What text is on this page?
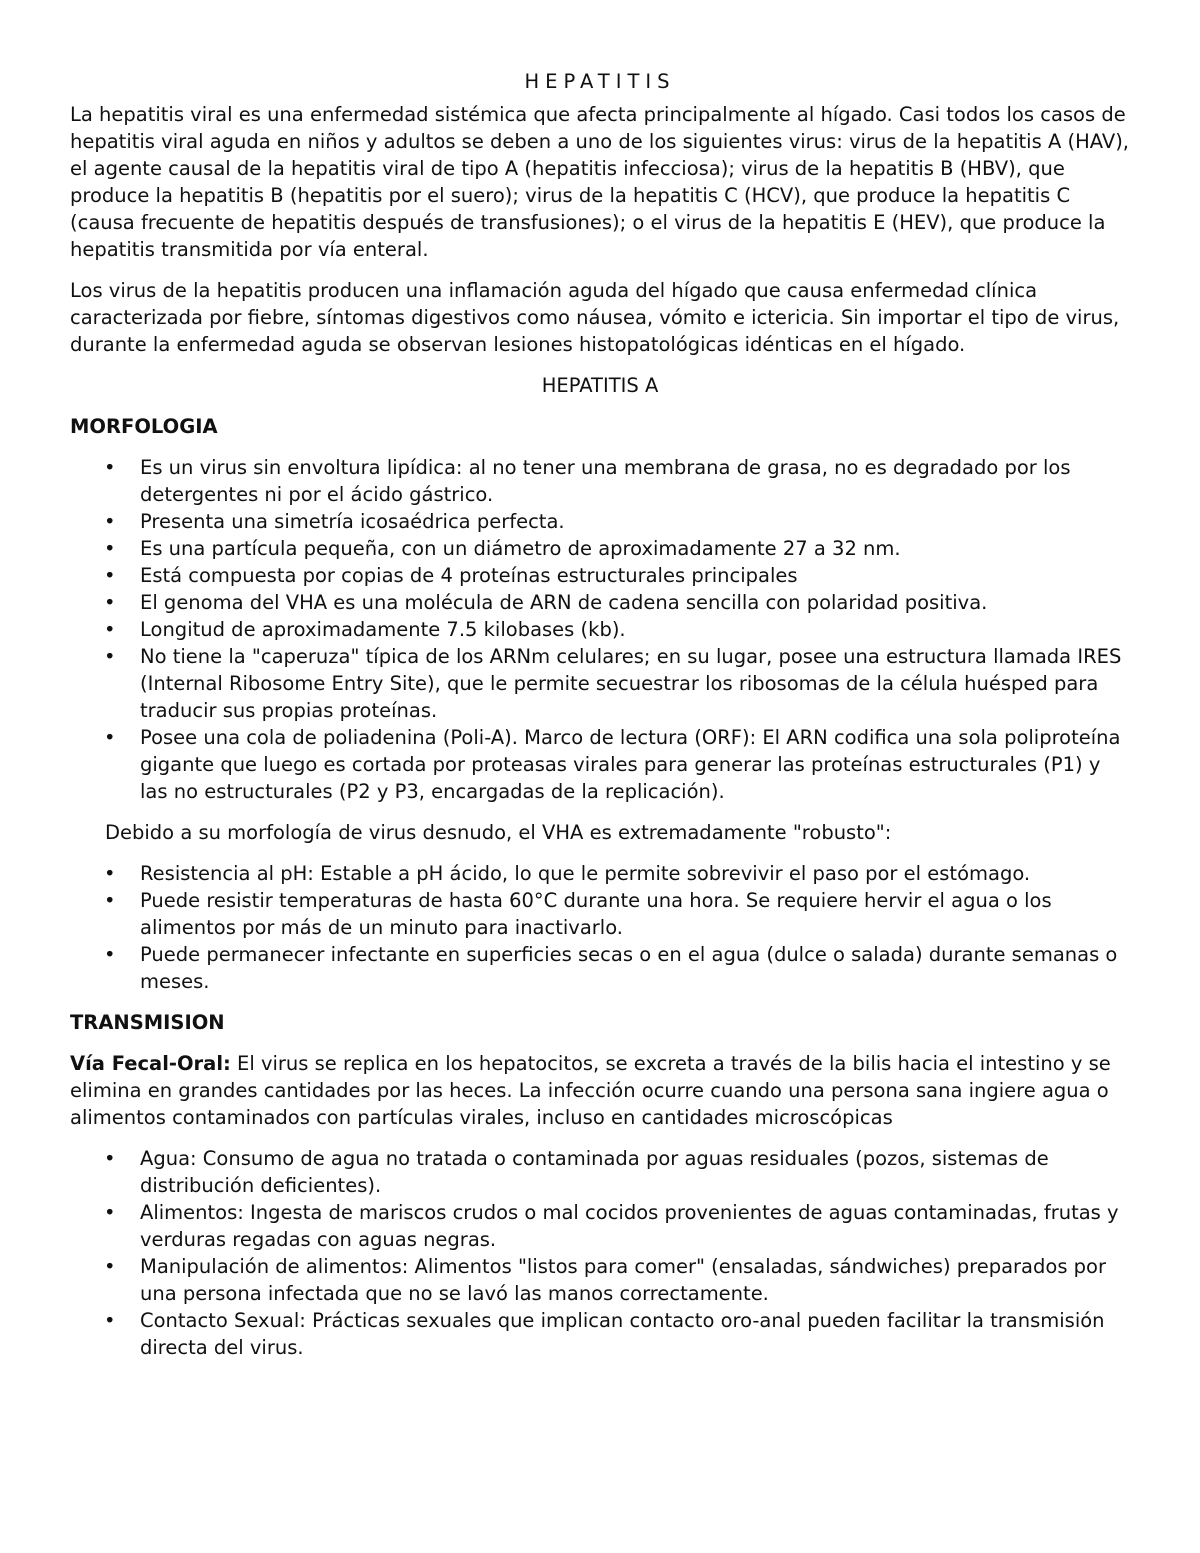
HEPATITIS

La hepatitis viral es una enfermedad sistémica que afecta principalmente al hígado. Casi todos los casos de hepatitis viral aguda en niños y adultos se deben a uno de los siguientes virus: virus de la hepatitis A (HAV), el agente causal de la hepatitis viral de tipo A (hepatitis infecciosa); virus de la hepatitis B (HBV), que produce la hepatitis B (hepatitis por el suero); virus de la hepatitis C (HCV), que produce la hepatitis C (causa frecuente de hepatitis después de transfusiones); o el virus de la hepatitis E (HEV), que produce la hepatitis transmitida por vía enteral.

Los virus de la hepatitis producen una inflamación aguda del hígado que causa enfermedad clínica caracterizada por fiebre, síntomas digestivos como náusea, vómito e ictericia. Sin importar el tipo de virus, durante la enfermedad aguda se observan lesiones histopatológicas idénticas en el hígado.

HEPATITIS A
MORFOLOGIA
• Es un virus sin envoltura lipídica: al no tener una membrana de grasa, no es degradado por los detergentes ni por el ácido gástrico.
• Presenta una simetría icosaédrica perfecta.
• Es una partícula pequeña, con un diámetro de aproximadamente 27 a 32 nm.
• Está compuesta por copias de 4 proteínas estructurales principales
• El genoma del VHA es una molécula de ARN de cadena sencilla con polaridad positiva.
• Longitud de aproximadamente 7.5 kilobases (kb).
• No tiene la "caperuza" típica de los ARNm celulares; en su lugar, posee una estructura llamada IRES (Internal Ribosome Entry Site), que le permite secuestrar los ribosomas de la célula huésped para traducir sus propias proteínas.
• Posee una cola de poliadenina (Poli-A). Marco de lectura (ORF): El ARN codifica una sola poliproteína gigante que luego es cortada por proteasas virales para generar las proteínas estructurales (P1) y las no estructurales (P2 y P3, encargadas de la replicación).

Debido a su morfología de virus desnudo, el VHA es extremadamente "robusto":

• Resistencia al pH: Estable a pH ácido, lo que le permite sobrevivir el paso por el estómago.
• Puede resistir temperaturas de hasta 60°C durante una hora. Se requiere hervir el agua o los alimentos por más de un minuto para inactivarlo.
• Puede permanecer infectante en superficies secas o en el agua (dulce o salada) durante semanas o meses.
TRANSMISION

Vía Fecal-Oral: El virus se replica en los hepatocitos, se excreta a través de la bilis hacia el intestino y se elimina en grandes cantidades por las heces. La infección ocurre cuando una persona sana ingiere agua o alimentos contaminados con partículas virales, incluso en cantidades microscópicas

• Agua: Consumo de agua no tratada o contaminada por aguas residuales (pozos, sistemas de distribución deficientes).
• Alimentos: Ingesta de mariscos crudos o mal cocidos provenientes de aguas contaminadas, frutas y verduras regadas con aguas negras.
• Manipulación de alimentos: Alimentos "listos para comer" (ensaladas, sándwiches) preparados por una persona infectada que no se lavó las manos correctamente.
• Contacto Sexual: Prácticas sexuales que implican contacto oro-anal pueden facilitar la transmisión directa del virus.
